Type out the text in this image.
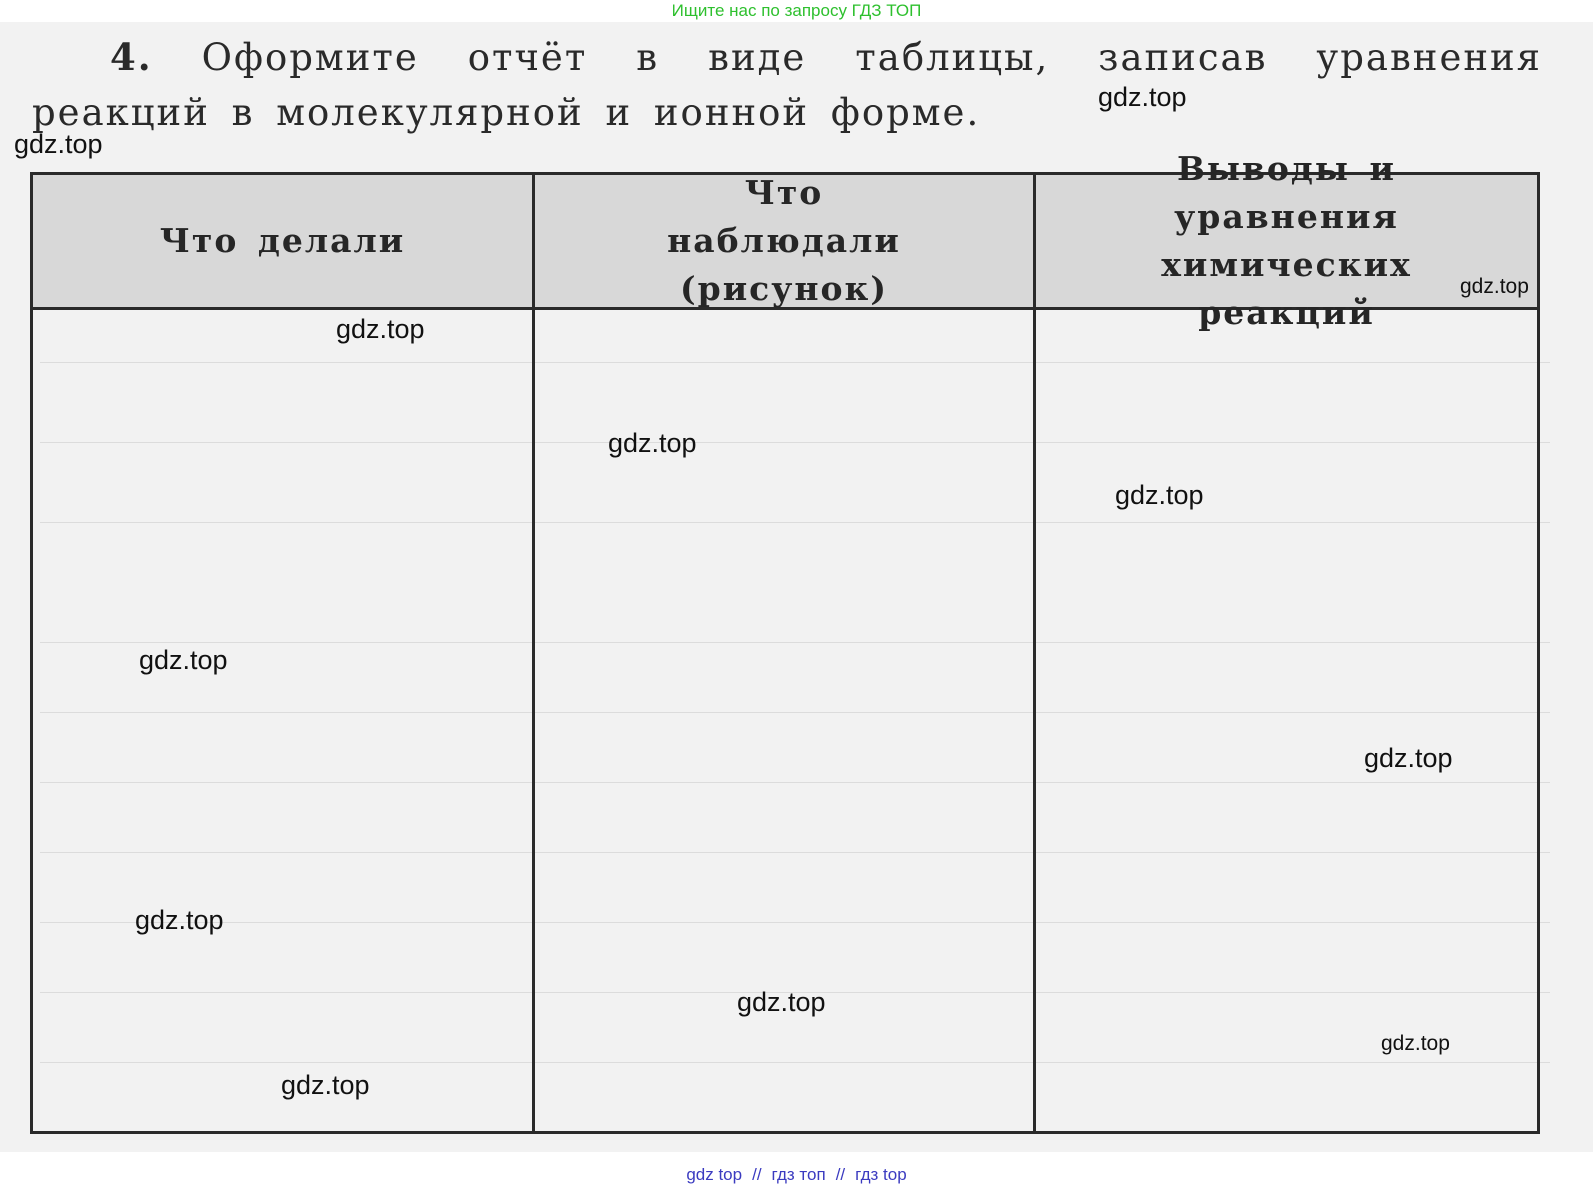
Ищите нас по запросу ГДЗ ТОП
4. Оформите отчёт в виде таблицы, записав уравнения реакций в молекулярной и ионной форме.
Что делали
Что наблюдали (рисунок)
Выводы и уравнения химических реакций
gdz.top
gdz.top
gdz.top
gdz.top
gdz.top
gdz.top
gdz.top
gdz.top
gdz.top
gdz.top
gdz.top
gdz.top
gdz top // гдз топ // гдз top
